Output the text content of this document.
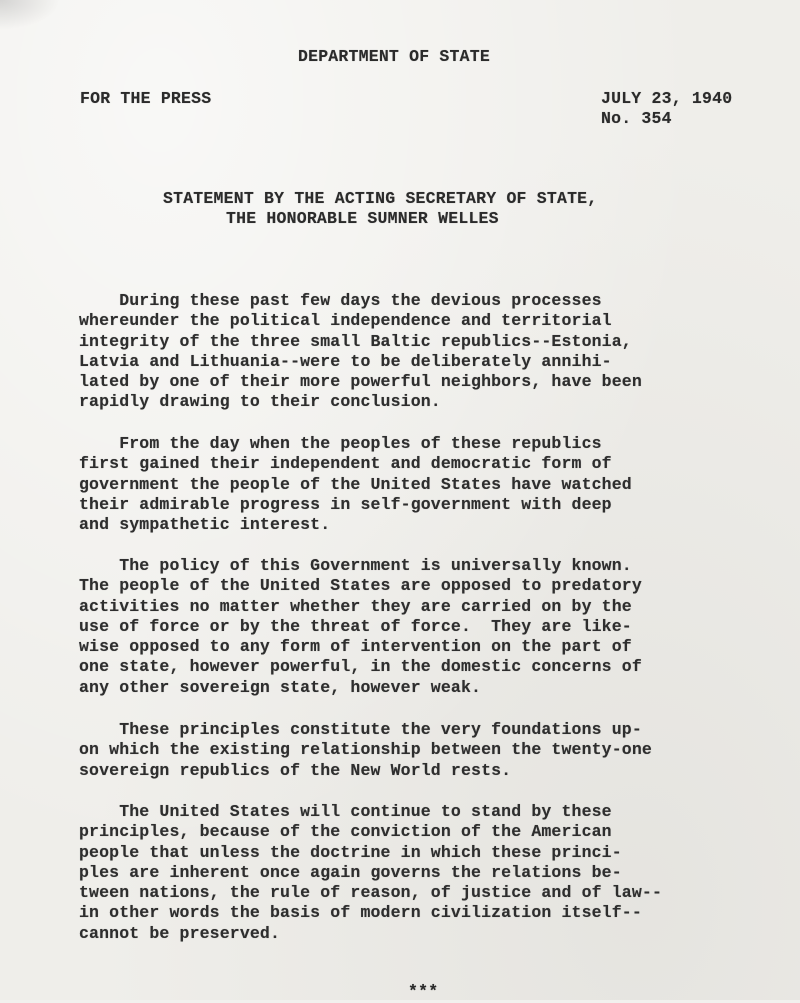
DEPARTMENT OF STATE
FOR THE PRESS	JULY 23, 1940
No. 354
STATEMENT BY THE ACTING SECRETARY OF STATE,
THE HONORABLE SUMNER WELLES
During these past few days the devious processes
whereunder the political independence and territorial
integrity of the three small Baltic republics--Estonia,
Latvia and Lithuania--were to be deliberately annihi-
lated by one of their more powerful neighbors, have been
rapidly drawing to their conclusion.
From the day when the peoples of these republics
first gained their independent and democratic form of
government the people of the United States have watched
their admirable progress in self-government with deep
and sympathetic interest.
The policy of this Government is universally known.
The people of the United States are opposed to predatory
activities no matter whether they are carried on by the
use of force or by the threat of force.  They are like-
wise opposed to any form of intervention on the part of
one state, however powerful, in the domestic concerns of
any other sovereign state, however weak.
These principles constitute the very foundations up-
on which the existing relationship between the twenty-one
sovereign republics of the New World rests.
The United States will continue to stand by these
principles, because of the conviction of the American
people that unless the doctrine in which these princi-
ples are inherent once again governs the relations be-
tween nations, the rule of reason, of justice and of law--
in other words the basis of modern civilization itself--
cannot be preserved.
***
